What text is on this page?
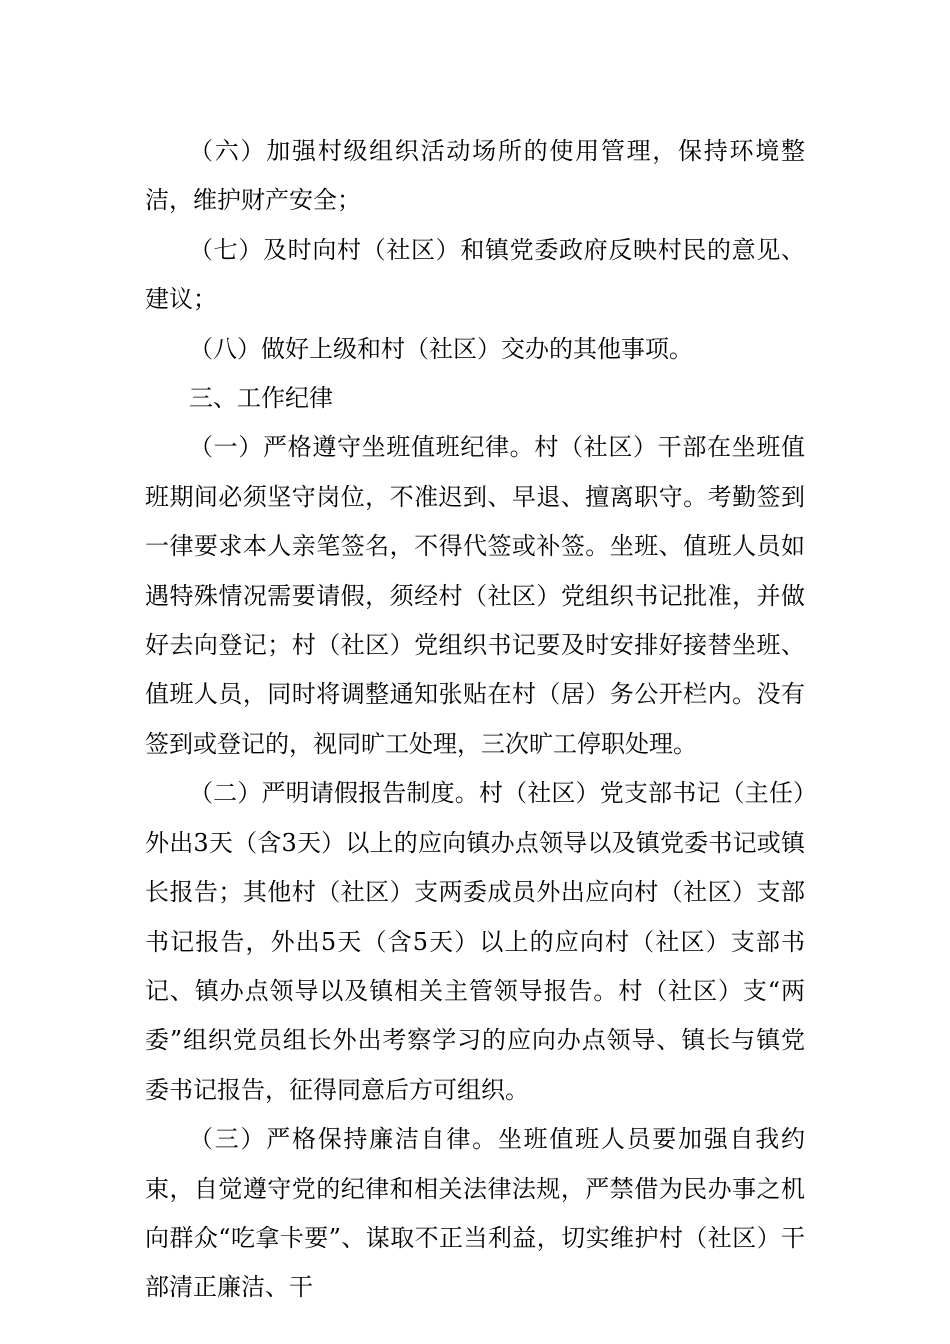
（六）加强村级组织活动场所的使用管理，保持环境整洁，维护财产安全；

（七）及时向村（社区）和镇党委政府反映村民的意见、建议；

（八）做好上级和村（社区）交办的其他事项。

三、工作纪律

（一）严格遵守坐班值班纪律。村（社区）干部在坐班值班期间必须坚守岗位，不准迟到、早退、擅离职守。考勤签到一律要求本人亲笔签名，不得代签或补签。坐班、值班人员如遇特殊情况需要请假，须经村（社区）党组织书记批准，并做好去向登记；村（社区）党组织书记要及时安排好接替坐班、值班人员，同时将调整通知张贴在村（居）务公开栏内。没有签到或登记的，视同旷工处理，三次旷工停职处理。

（二）严明请假报告制度。村（社区）党支部书记（主任）外出3天（含3天）以上的应向镇办点领导以及镇党委书记或镇长报告；其他村（社区）支两委成员外出应向村（社区）支部书记报告，外出5天（含5天）以上的应向村（社区）支部书记、镇办点领导以及镇相关主管领导报告。村（社区）支“两委”组织党员组长外出考察学习的应向办点领导、镇长与镇党委书记报告，征得同意后方可组织。

（三）严格保持廉洁自律。坐班值班人员要加强自我约束，自觉遵守党的纪律和相关法律法规，严禁借为民办事之机向群众“吃拿卡要”、谋取不正当利益，切实维护村（社区）干部清正廉洁、干
